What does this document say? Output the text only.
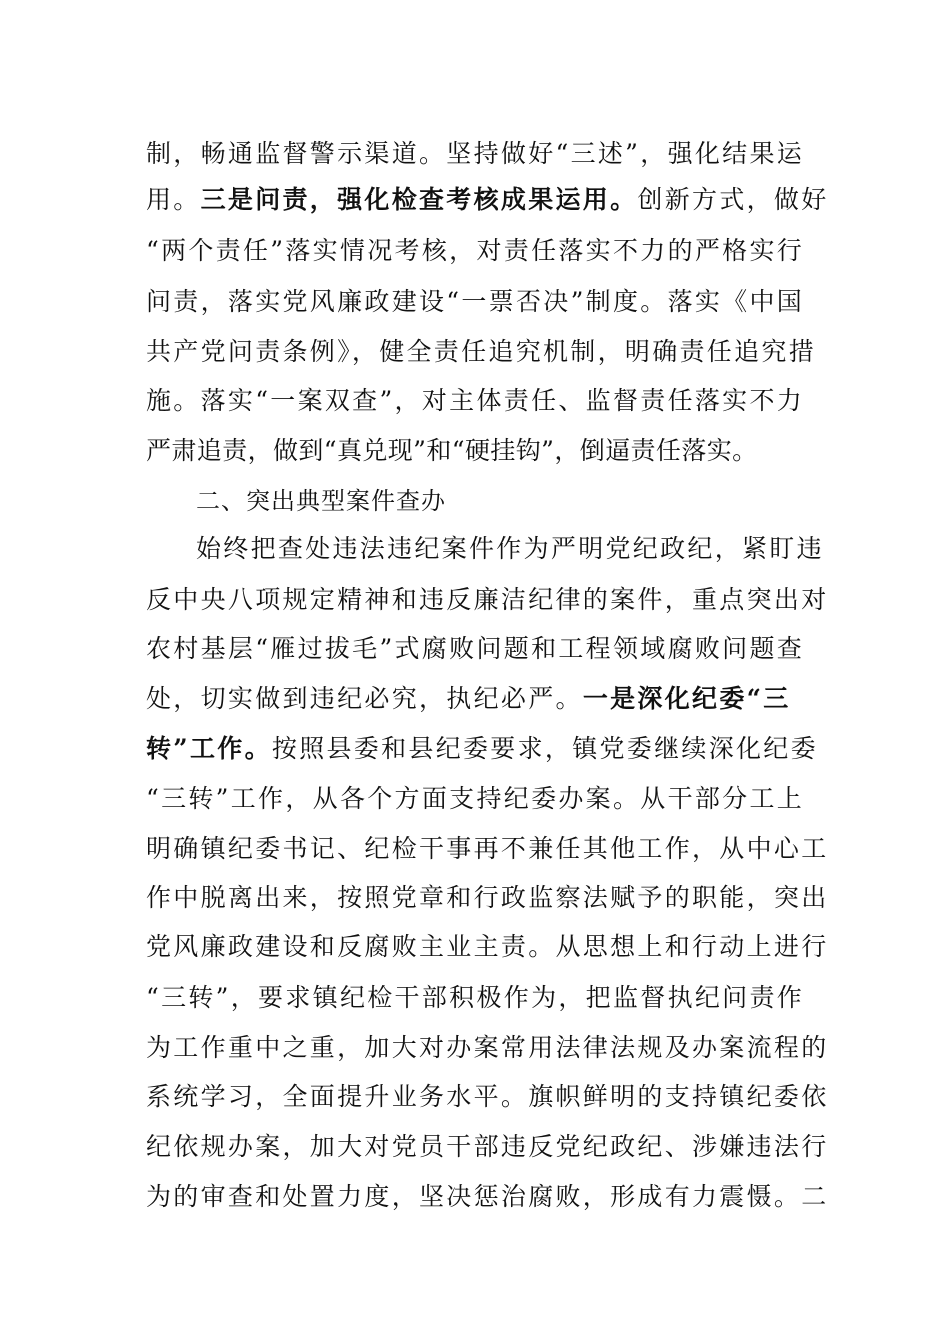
制，畅通监督警示渠道。坚持做好“三述”，强化结果运
用。三是问责，强化检查考核成果运用。创新方式，做好
“两个责任”落实情况考核，对责任落实不力的严格实行
问责，落实党风廉政建设“一票否决”制度。落实《中国
共产党问责条例》，健全责任追究机制，明确责任追究措
施。落实“一案双查”，对主体责任、监督责任落实不力
严肃追责，做到“真兑现”和“硬挂钩”，倒逼责任落实。
二、突出典型案件查办
始终把查处违法违纪案件作为严明党纪政纪，紧盯违
反中央八项规定精神和违反廉洁纪律的案件，重点突出对
农村基层“雁过拔毛”式腐败问题和工程领域腐败问题查
处，切实做到违纪必究，执纪必严。一是深化纪委“三
转”工作。按照县委和县纪委要求，镇党委继续深化纪委
“三转”工作，从各个方面支持纪委办案。从干部分工上
明确镇纪委书记、纪检干事再不兼任其他工作，从中心工
作中脱离出来，按照党章和行政监察法赋予的职能，突出
党风廉政建设和反腐败主业主责。从思想上和行动上进行
“三转”，要求镇纪检干部积极作为，把监督执纪问责作
为工作重中之重，加大对办案常用法律法规及办案流程的
系统学习，全面提升业务水平。旗帜鲜明的支持镇纪委依
纪依规办案，加大对党员干部违反党纪政纪、涉嫌违法行
为的审查和处置力度，坚决惩治腐败，形成有力震慑。二
